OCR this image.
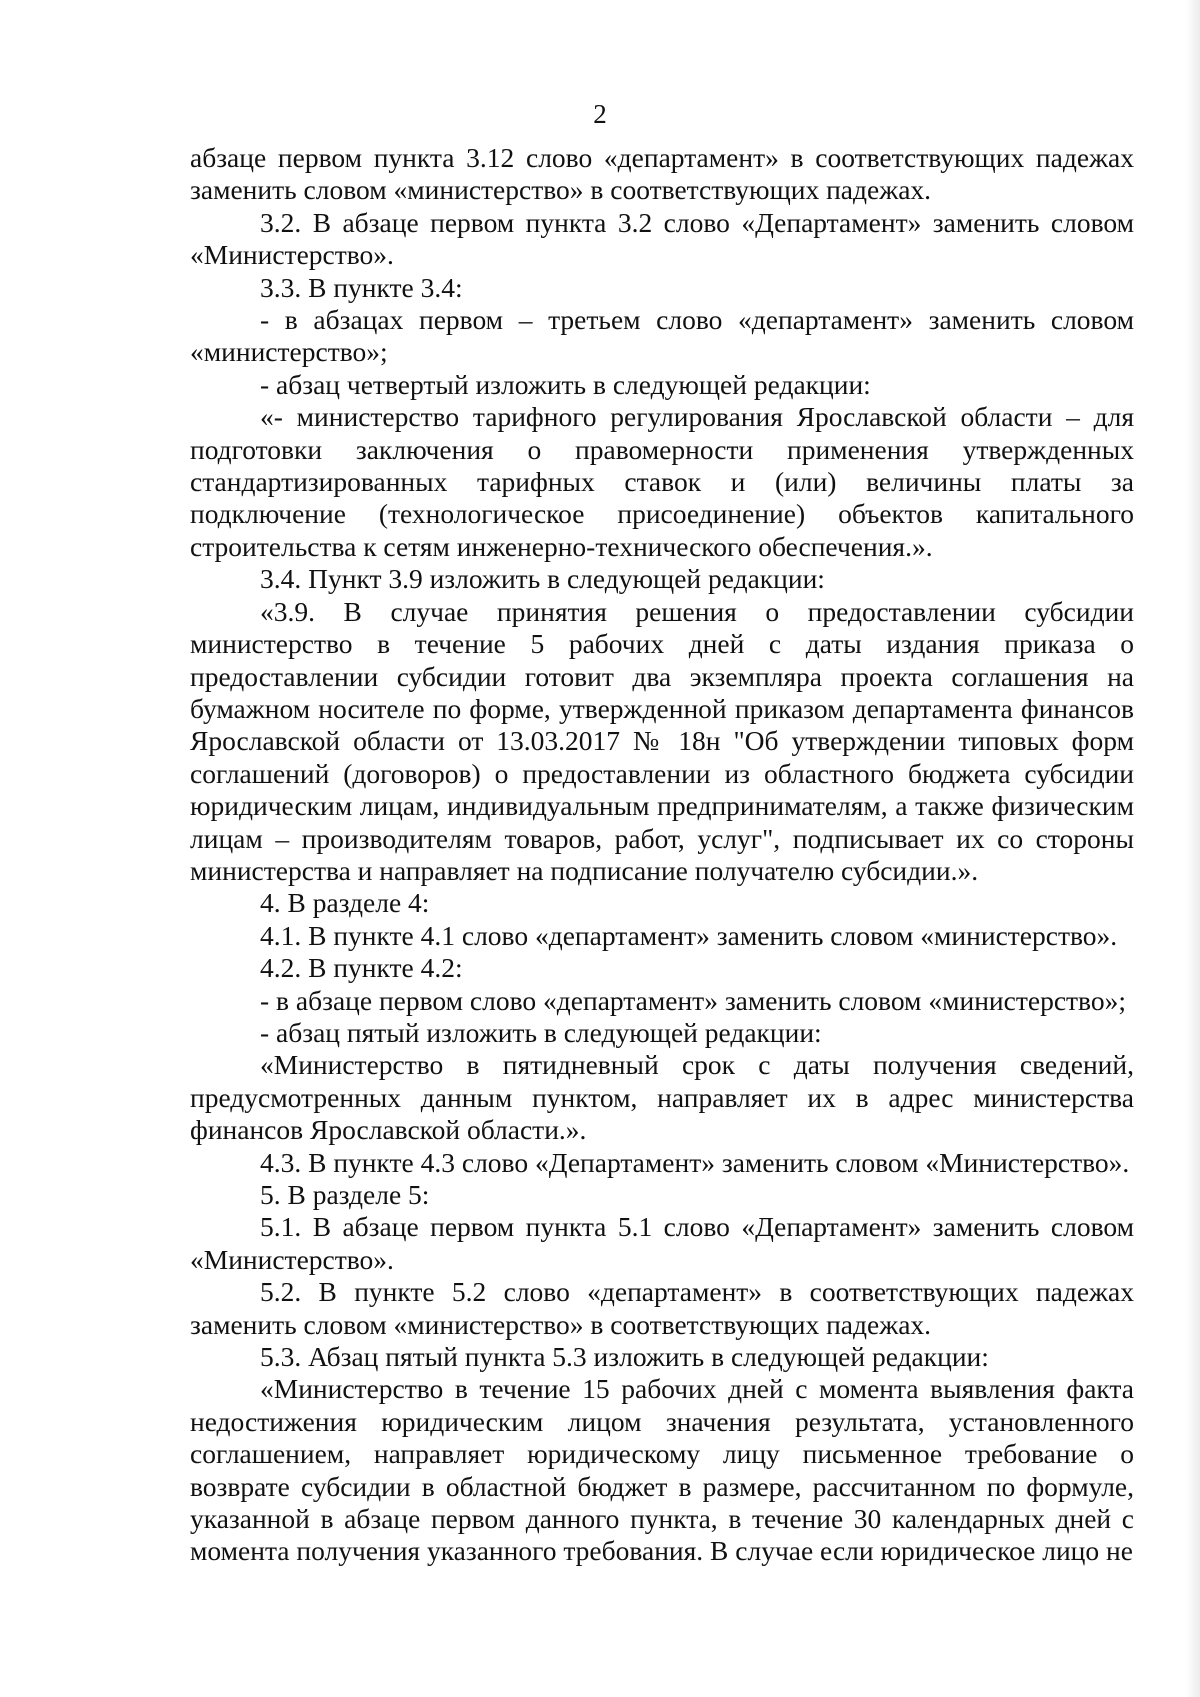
2

абзаце первом пункта 3.12 слово «департамент» в соответствующих падежах заменить словом «министерство» в соответствующих падежах.

3.2. В абзаце первом пункта 3.2 слово «Департамент» заменить словом «Министерство».

3.3. В пункте 3.4:

- в абзацах первом – третьем слово «департамент» заменить словом «министерство»;

- абзац четвертый изложить в следующей редакции:

«- министерство тарифного регулирования Ярославской области – для подготовки заключения о правомерности применения утвержденных стандартизированных тарифных ставок и (или) величины платы за подключение (технологическое присоединение) объектов капитального строительства к сетям инженерно-технического обеспечения.».

3.4. Пункт 3.9 изложить в следующей редакции:

«3.9. В случае принятия решения о предоставлении субсидии министерство в течение 5 рабочих дней с даты издания приказа о предоставлении субсидии готовит два экземпляра проекта соглашения на бумажном носителе по форме, утвержденной приказом департамента финансов Ярославской области от 13.03.2017 № 18н "Об утверждении типовых форм соглашений (договоров) о предоставлении из областного бюджета субсидии юридическим лицам, индивидуальным предпринимателям, а также физическим лицам – производителям товаров, работ, услуг", подписывает их со стороны министерства и направляет на подписание получателю субсидии.».

4. В разделе 4:

4.1. В пункте 4.1 слово «департамент» заменить словом «министерство».

4.2. В пункте 4.2:

- в абзаце первом слово «департамент» заменить словом «министерство»;

- абзац пятый изложить в следующей редакции:

«Министерство в пятидневный срок с даты получения сведений, предусмотренных данным пунктом, направляет их в адрес министерства финансов Ярославской области.».

4.3. В пункте 4.3 слово «Департамент» заменить словом «Министерство».

5. В разделе 5:

5.1. В абзаце первом пункта 5.1 слово «Департамент» заменить словом «Министерство».

5.2. В пункте 5.2 слово «департамент» в соответствующих падежах заменить словом «министерство» в соответствующих падежах.

5.3. Абзац пятый пункта 5.3 изложить в следующей редакции:

«Министерство в течение 15 рабочих дней с момента выявления факта недостижения юридическим лицом значения результата, установленного соглашением, направляет юридическому лицу письменное требование о возврате субсидии в областной бюджет в размере, рассчитанном по формуле, указанной в абзаце первом данного пункта, в течение 30 календарных дней с момента получения указанного требования. В случае если юридическое лицо не
